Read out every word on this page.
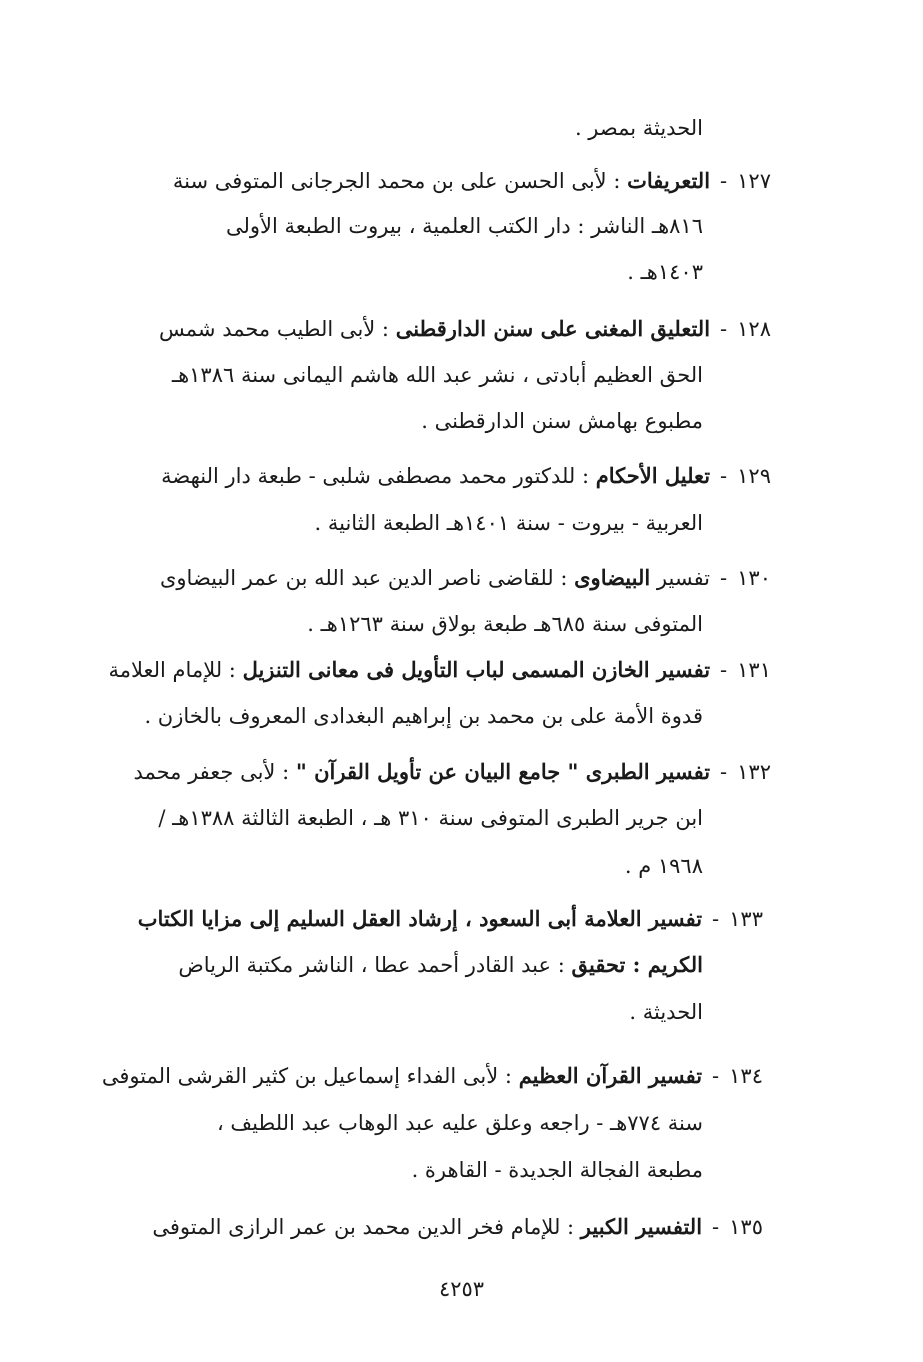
الحديثة بمصر .
١٢٧-التعريفات : لأبى الحسن على بن محمد الجرجانى المتوفى سنة
٨١٦هـ الناشر : دار الكتب العلمية ، بيروت الطبعة الأولى
١٤٠٣هـ .
١٢٨-التعليق المغنى على سنن الدارقطنى : لأبى الطيب محمد شمس
الحق العظيم أبادتى ، نشر عبد الله هاشم اليمانى سنة ١٣٨٦هـ
مطبوع بهامش سنن الدارقطنى .
١٢٩-تعليل الأحكام : للدكتور محمد مصطفى شلبى - طبعة دار النهضة
العربية - بيروت - سنة ١٤٠١هـ الطبعة الثانية .
١٣٠-تفسير البيضاوى : للقاضى ناصر الدين عبد الله بن عمر البيضاوى
المتوفى سنة ٦٨٥هـ طبعة بولاق سنة ١٢٦٣هـ .
١٣١-تفسير الخازن المسمى لباب التأويل فى معانى التنزيل : للإمام العلامة
قدوة الأمة على بن محمد بن إبراهيم البغدادى المعروف بالخازن .
١٣٢-تفسير الطبرى " جامع البيان عن تأويل القرآن " : لأبى جعفر محمد
ابن جرير الطبرى المتوفى سنة ٣١٠ هـ ، الطبعة الثالثة ١٣٨٨هـ /
١٩٦٨ م .
١٣٣-تفسير العلامة أبى السعود ، إرشاد العقل السليم إلى مزايا الكتاب
الكريم : تحقيق : عبد القادر أحمد عطا ، الناشر مكتبة الرياض
الحديثة .
١٣٤-تفسير القرآن العظيم : لأبى الفداء إسماعيل بن كثير القرشى المتوفى
سنة ٧٧٤هـ - راجعه وعلق عليه عبد الوهاب عبد اللطيف ،
مطبعة الفجالة الجديدة - القاهرة .
١٣٥-التفسير الكبير : للإمام فخر الدين محمد بن عمر الرازى المتوفى
٤٢٥٣
